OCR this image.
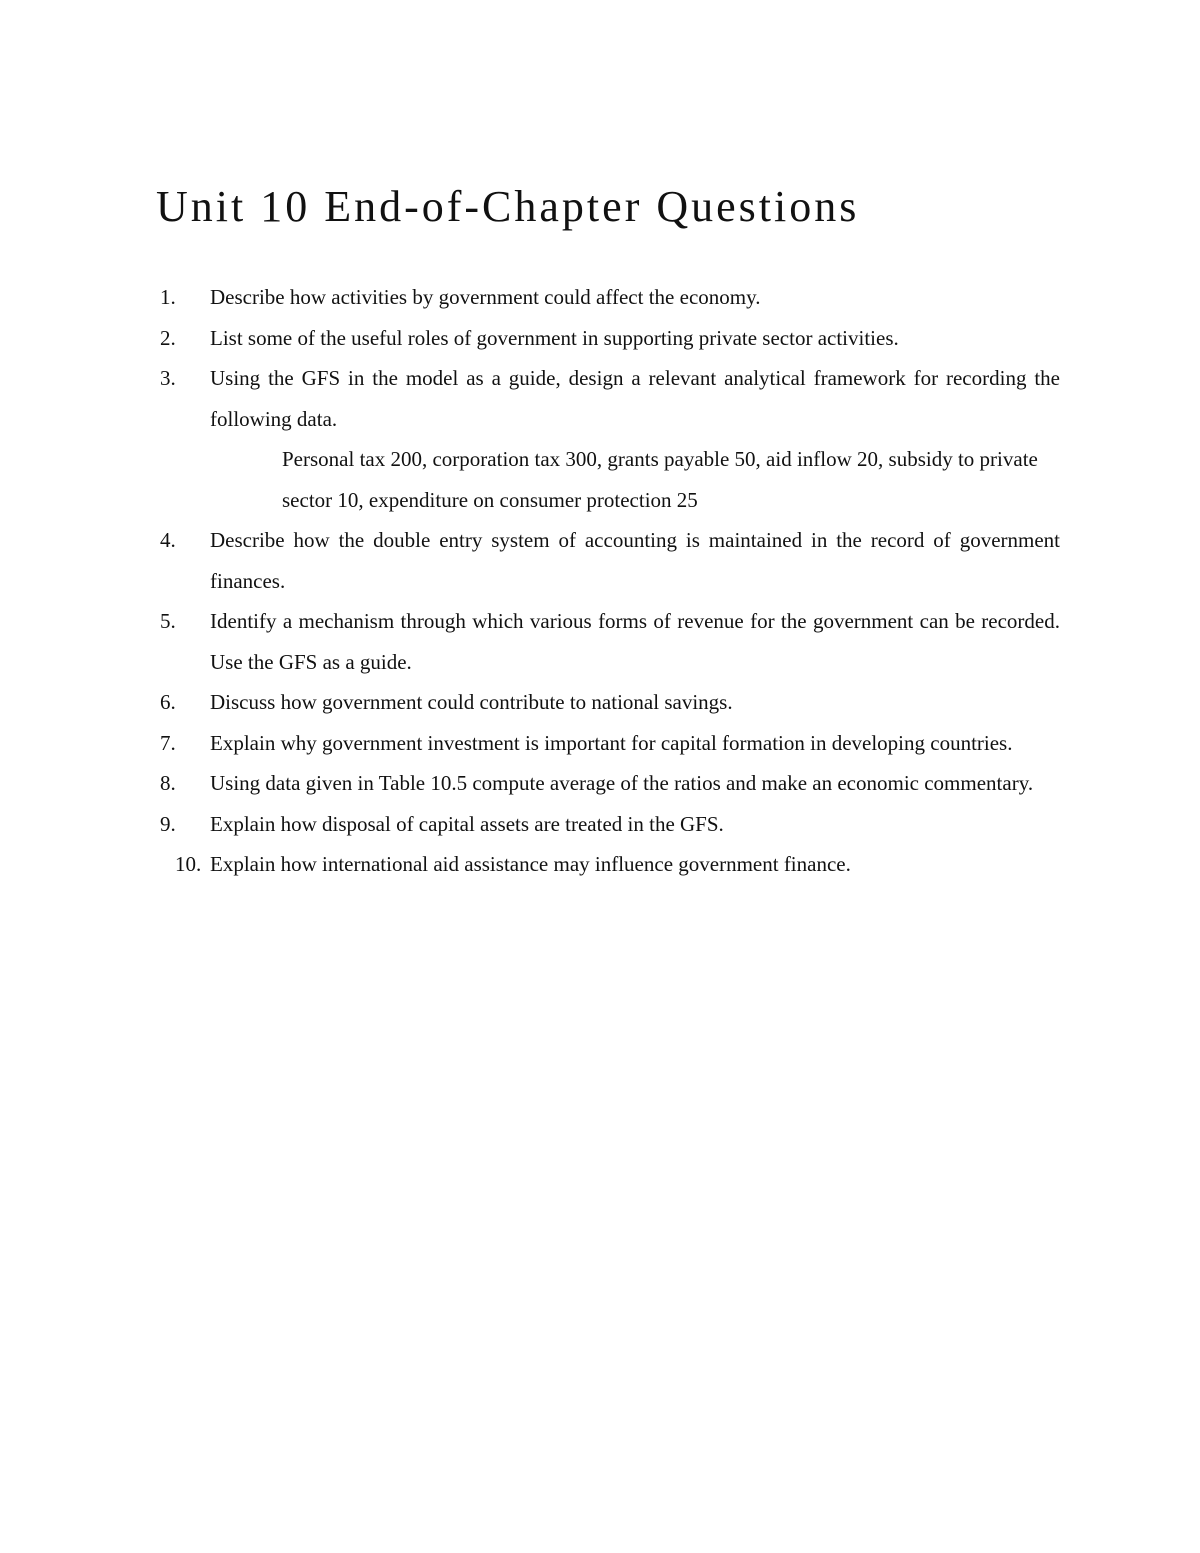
Unit 10 End-of-Chapter Questions
1.	Describe how activities by government could affect the economy.
2.	List some of the useful roles of government in supporting private sector activities.
3.	Using the GFS in the model as a guide, design a relevant analytical framework for recording the following data.
Personal tax 200, corporation tax 300, grants payable 50, aid inflow 20, subsidy to private sector 10, expenditure on consumer protection 25
4.	Describe how the double entry system of accounting is maintained in the record of government finances.
5.	Identify a mechanism through which various forms of revenue for the government can be recorded. Use the GFS as a guide.
6.	Discuss how government could contribute to national savings.
7.	Explain why government investment is important for capital formation in developing countries.
8.	Using data given in Table 10.5 compute average of the ratios and make an economic commentary.
9.	Explain how disposal of capital assets are treated in the GFS.
10. Explain how international aid assistance may influence government finance.
